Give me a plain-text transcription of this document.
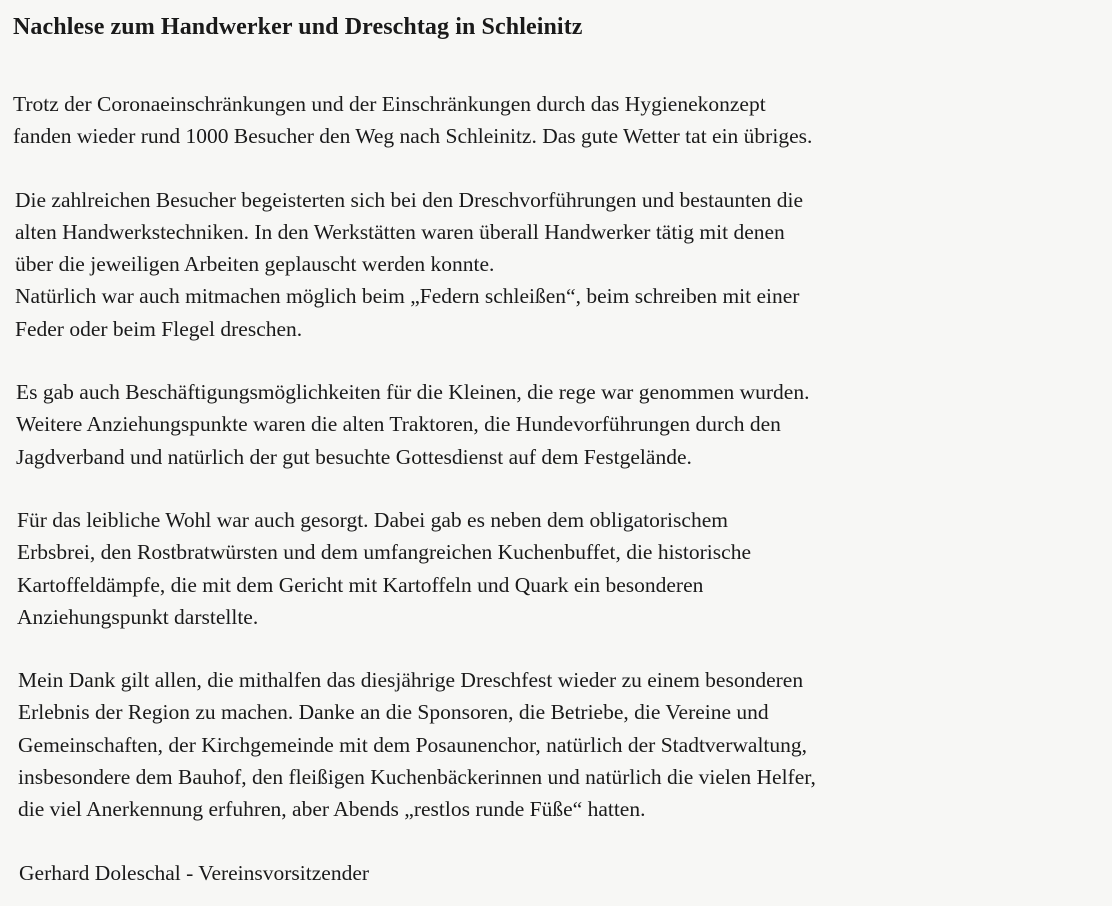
Nachlese zum Handwerker und Dreschtag in Schleinitz
Trotz der Coronaeinschränkungen und der Einschränkungen durch das Hygienekonzept
fanden wieder rund 1000 Besucher den Weg nach Schleinitz. Das gute Wetter tat ein übriges.
Die zahlreichen Besucher begeisterten sich bei den Dreschvorführungen und bestaunten die
alten Handwerkstechniken. In den Werkstätten waren überall Handwerker tätig mit denen
über die jeweiligen Arbeiten geplauscht werden konnte.
Natürlich war auch mitmachen möglich beim „Federn schleißen“, beim schreiben mit einer
Feder oder beim Flegel dreschen.
Es gab auch Beschäftigungsmöglichkeiten für die Kleinen, die rege war genommen wurden.
Weitere Anziehungspunkte waren die alten Traktoren, die Hundevorführungen durch den
Jagdverband und natürlich der gut besuchte Gottesdienst auf dem Festgelände.
Für das leibliche Wohl war auch gesorgt. Dabei gab es neben dem obligatorischem
Erbsbrei, den Rostbratwürsten und dem umfangreichen Kuchenbuffet, die historische
Kartoffeldämpfe, die mit dem Gericht mit Kartoffeln und Quark ein besonderen
Anziehungspunkt darstellte.
Mein Dank gilt allen, die mithalfen das diesjährige Dreschfest wieder zu einem besonderen
Erlebnis der Region zu machen. Danke an die Sponsoren, die Betriebe, die Vereine und
Gemeinschaften, der Kirchgemeinde mit dem Posaunenchor, natürlich der Stadtverwaltung,
insbesondere dem Bauhof, den fleißigen Kuchenbäckerinnen und natürlich die vielen Helfer,
die viel Anerkennung erfuhren, aber Abends „restlos runde Füße“ hatten.
Gerhard Doleschal - Vereinsvorsitzender
